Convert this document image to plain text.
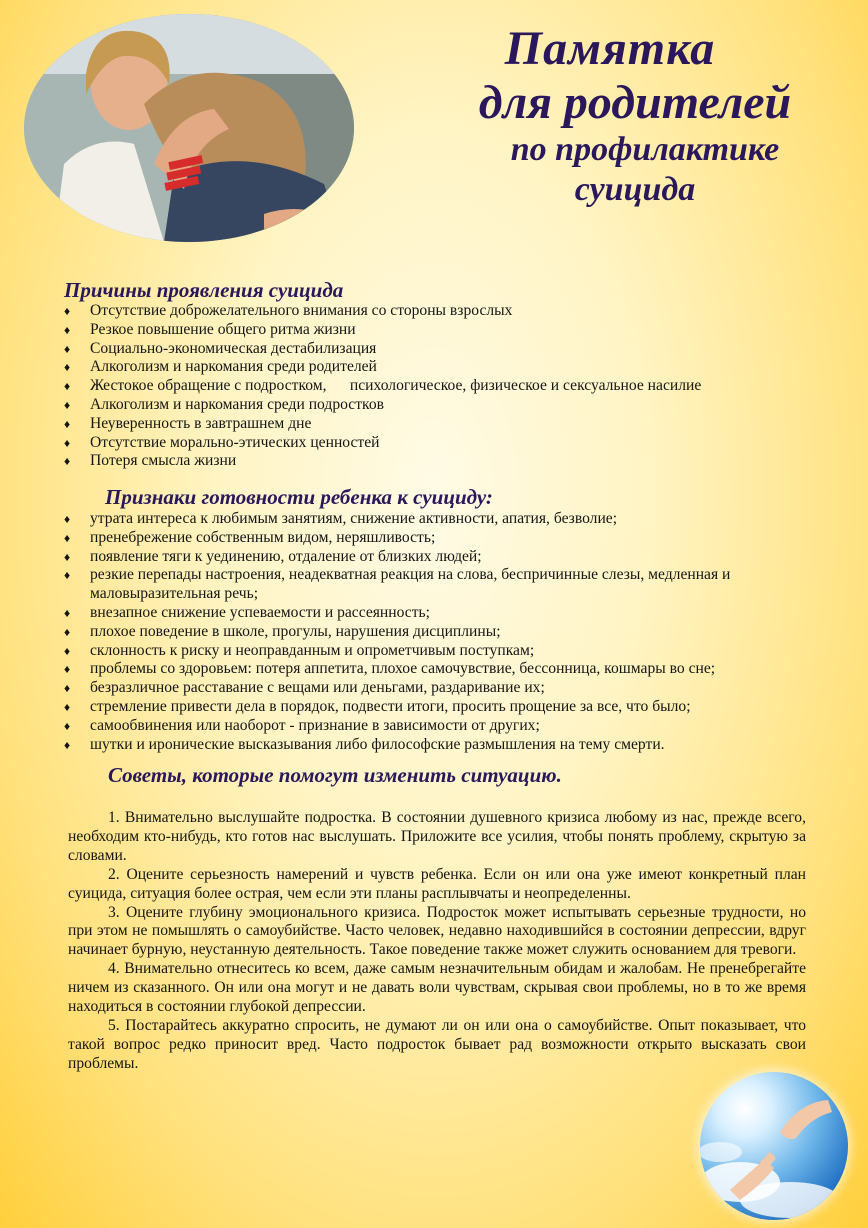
Памятка
для родителей
по профилактике
суицида
Причины проявления суицида
♦ Отсутствие доброжелательного внимания со стороны взрослых
♦ Резкое повышение общего ритма жизни
♦ Социально-экономическая дестабилизация
♦ Алкоголизм и наркомания среди родителей
♦ Жестокое обращение с подростком,      психологическое, физическое и сексуальное насилие
♦ Алкоголизм и наркомания среди подростков
♦ Неуверенность в завтрашнем дне
♦ Отсутствие морально-этических ценностей
♦ Потеря смысла жизни
Признаки готовности ребенка к суициду:
♦ утрата интереса к любимым занятиям, снижение активности, апатия, безволие;
♦ пренебрежение собственным видом, неряшливость;
♦ появление тяги к уединению, отдаление от близких людей;
♦ резкие перепады настроения, неадекватная реакция на слова, беспричинные слезы, медленная и маловыразительная речь;
♦ внезапное снижение успеваемости и рассеянность;
♦ плохое поведение в школе, прогулы, нарушения дисциплины;
♦ склонность к риску и неоправданным и опрометчивым поступкам;
♦ проблемы со здоровьем: потеря аппетита, плохое самочувствие, бессонница, кошмары во сне;
♦ безразличное расставание с вещами или деньгами, раздаривание их;
♦ стремление привести дела в порядок, подвести итоги, просить прощение за все, что было;
♦ самообвинения или наоборот - признание в зависимости от других;
♦ шутки и иронические высказывания либо философские размышления на тему смерти.
Советы, которые помогут изменить ситуацию.

1. Внимательно выслушайте подростка. В состоянии душевного кризиса любому из нас, прежде всего, необходим кто-нибудь, кто готов нас выслушать. Приложите все усилия, чтобы понять проблему, скрытую за словами.

2. Оцените серьезность намерений и чувств ребенка. Если он или она уже имеют конкретный план суицида, ситуация более острая, чем если эти планы расплывчаты и неопределенны.

3. Оцените глубину эмоционального кризиса. Подросток может испытывать серьезные трудности, но при этом не помышлять о самоубийстве. Часто человек, недавно находившийся в состоянии депрессии, вдруг начинает бурную, неустанную деятельность. Такое поведение также может служить основанием для тревоги.

4. Внимательно отнеситесь ко всем, даже самым незначительным обидам и жалобам. Не пренебрегайте ничем из сказанного. Он или она могут и не давать воли чувствам, скрывая свои проблемы, но в то же время находиться в состоянии глубокой депрессии.

5. Постарайтесь аккуратно спросить, не думают ли он или она о самоубийстве. Опыт показывает, что такой вопрос редко приносит вред. Часто подросток бывает рад возможности открыто высказать свои проблемы.
